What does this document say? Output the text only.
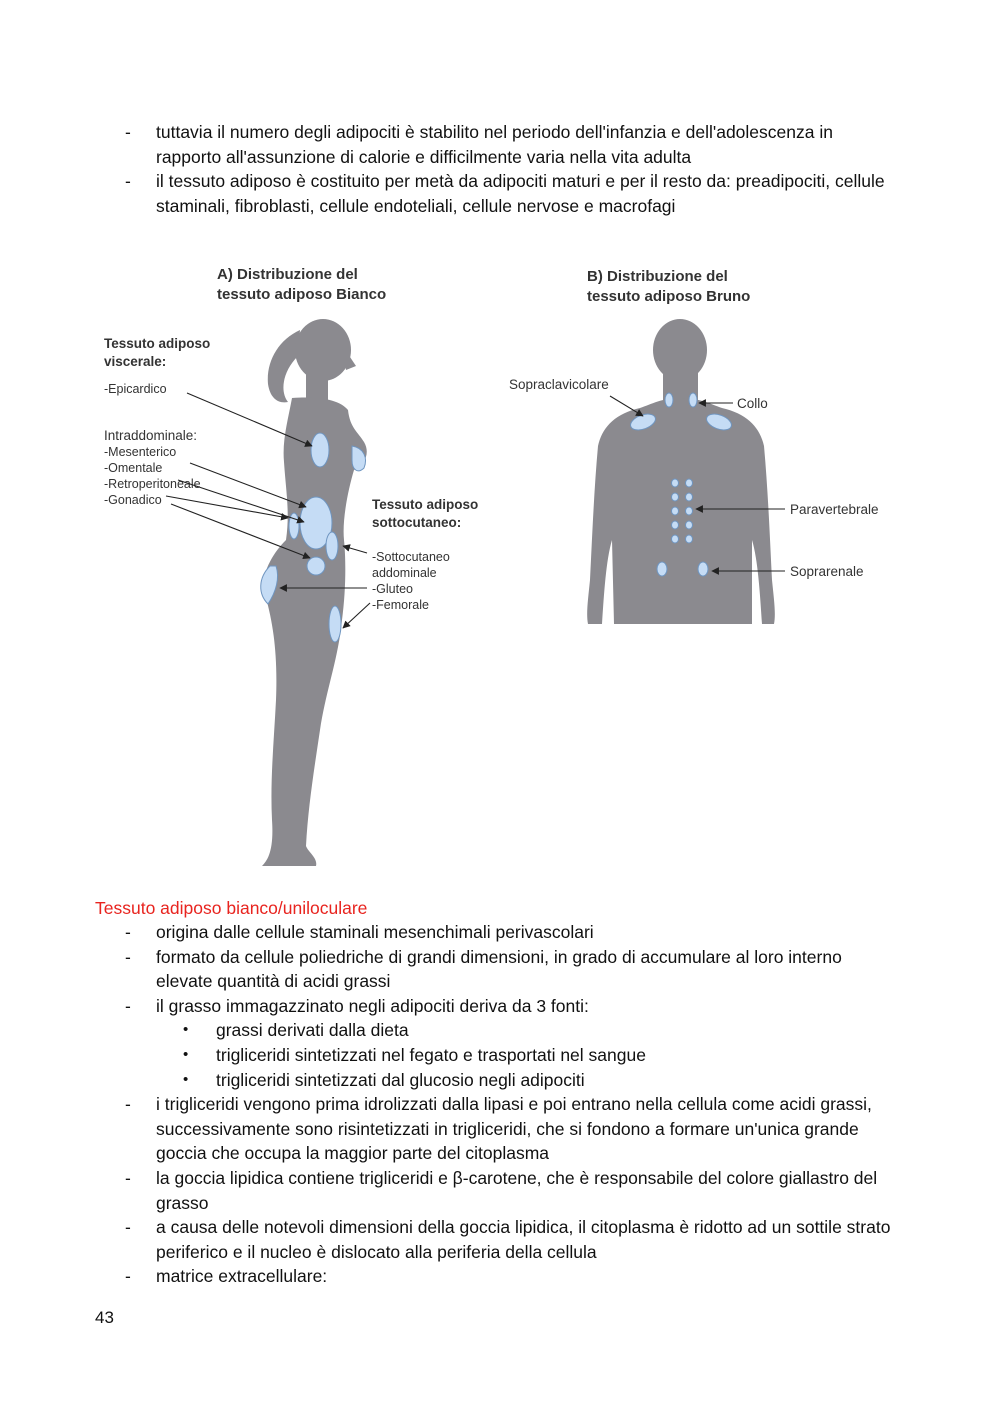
- tuttavia il numero degli adipociti è stabilito nel periodo dell'infanzia e dell'adolescenza in rapporto all'assunzione di calorie e difficilmente varia nella vita adulta
- il tessuto adiposo è costituito per metà da adipociti maturi e per il resto da: preadipociti, cellule staminali, fibroblasti, cellule endoteliali, cellule nervose e macrofagi
A) Distribuzione del
tessuto adiposo Bianco
Tessuto adiposo
viscerale:
-Epicardico
Intraddominale:
-Mesenterico
-Omentale
-Retroperitoneale
-Gonadico	Tessuto adiposo
sottocutaneo:
-Sottocutaneo
addominale
-Gluteo
-Femorale
B) Distribuzione del
tessuto adiposo Bruno
Sopraclavicolare
Collo
Paravertebrale
Soprarenale
Tessuto adiposo bianco/uniloculare
- origina dalle cellule staminali mesenchimali perivascolari
- formato da cellule poliedriche di grandi dimensioni, in grado di accumulare al loro interno elevate quantità di acidi grassi
- il grasso immagazzinato negli adipociti deriva da 3 fonti:
• grassi derivati dalla dieta
• trigliceridi sintetizzati nel fegato e trasportati nel sangue
• trigliceridi sintetizzati dal glucosio negli adipociti
- i trigliceridi vengono prima idrolizzati dalla lipasi e poi entrano nella cellula come acidi grassi, successivamente sono risintetizzati in trigliceridi, che si fondono a formare un'unica grande goccia che occupa la maggior parte del citoplasma
- la goccia lipidica contiene trigliceridi e β-carotene, che è responsabile del colore giallastro del grasso
- a causa delle notevoli dimensioni della goccia lipidica, il citoplasma è ridotto ad un sottile strato periferico e il nucleo è dislocato alla periferia della cellula
- matrice extracellulare:
43
